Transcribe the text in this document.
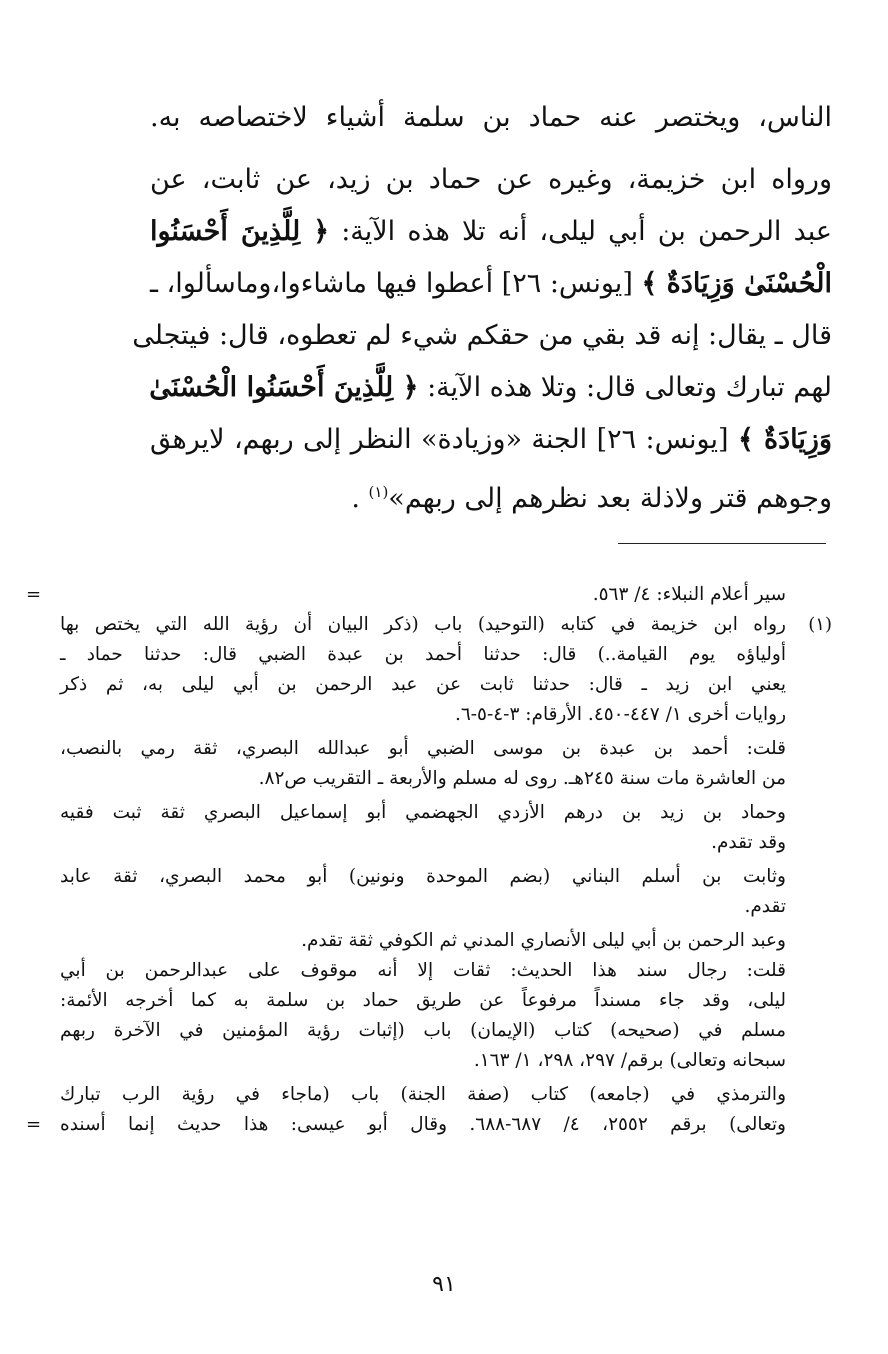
الناس، ويختصر عنه حماد بن سلمة أشياء لاختصاصه به.
ورواه ابن خزيمة، وغيره عن حماد بن زيد، عن ثابت، عن
عبد الرحمن بن أبي ليلى، أنه تلا هذه الآية: ﴿ لِلَّذِينَ أَحْسَنُوا
الْحُسْنَىٰ وَزِيَادَةٌ ﴾ [يونس: ٢٦] أعطوا فيها ماشاءوا،وماسألوا، ـ
قال ـ يقال: إنه قد بقي من حقكم شيء لم تعطوه، قال: فيتجلى
لهم تبارك وتعالى قال: وتلا هذه الآية: ﴿ لِلَّذِينَ أَحْسَنُوا الْحُسْنَىٰ
وَزِيَادَةٌ ﴾ [يونس: ٢٦] الجنة «وزيادة» النظر إلى ربهم، لايرهق
وجوهم قتر ولاذلة بعد نظرهم إلى ربهم»$^{(١)}$ .
=	سير أعلام النبلاء: ٤/ ٥٦٣.
(١)
رواه ابن خزيمة في كتابه (التوحيد) باب (ذكر البيان أن رؤية الله التي يختص بها
أولياؤه يوم القيامة..) قال: حدثنا أحمد بن عبدة الضبي قال: حدثنا حماد ـ
يعني ابن زيد ـ قال: حدثنا ثابت عن عبد الرحمن بن أبي ليلى به، ثم ذكر
روايات أخرى ١/ ٤٤٧-٤٥٠. الأرقام: ٣-٤-٥-٦.
قلت: أحمد بن عبدة بن موسى الضبي أبو عبدالله البصري، ثقة رمي بالنصب،
من العاشرة مات سنة ٢٤٥هـ. روى له مسلم والأربعة ـ التقريب ص٨٢.
وحماد بن زيد بن درهم الأزدي الجهضمي أبو إسماعيل البصري ثقة ثبت فقيه
وقد تقدم.
وثابت بن أسلم البناني (بضم الموحدة ونونين) أبو محمد البصري، ثقة عابد
تقدم.
وعبد الرحمن بن أبي ليلى الأنصاري المدني ثم الكوفي ثقة تقدم.
قلت: رجال سند هذا الحديث: ثقات إلا أنه موقوف على عبدالرحمن بن أبي
ليلى، وقد جاء مسنداً مرفوعاً عن طريق حماد بن سلمة به كما أخرجه الأئمة:
مسلم في (صحيحه) كتاب (الإيمان) باب (إثبات رؤية المؤمنين في الآخرة ربهم
سبحانه وتعالى) برقم/ ٢٩٧، ٢٩٨، ١/ ١٦٣.
والترمذي في (جامعه) كتاب (صفة الجنة) باب (ماجاء في رؤية الرب تبارك
=	وتعالى) برقم ٢٥٥٢، ٤/ ٦٨٧-٦٨٨. وقال أبو عيسى: هذا حديث إنما أسنده
٩١
